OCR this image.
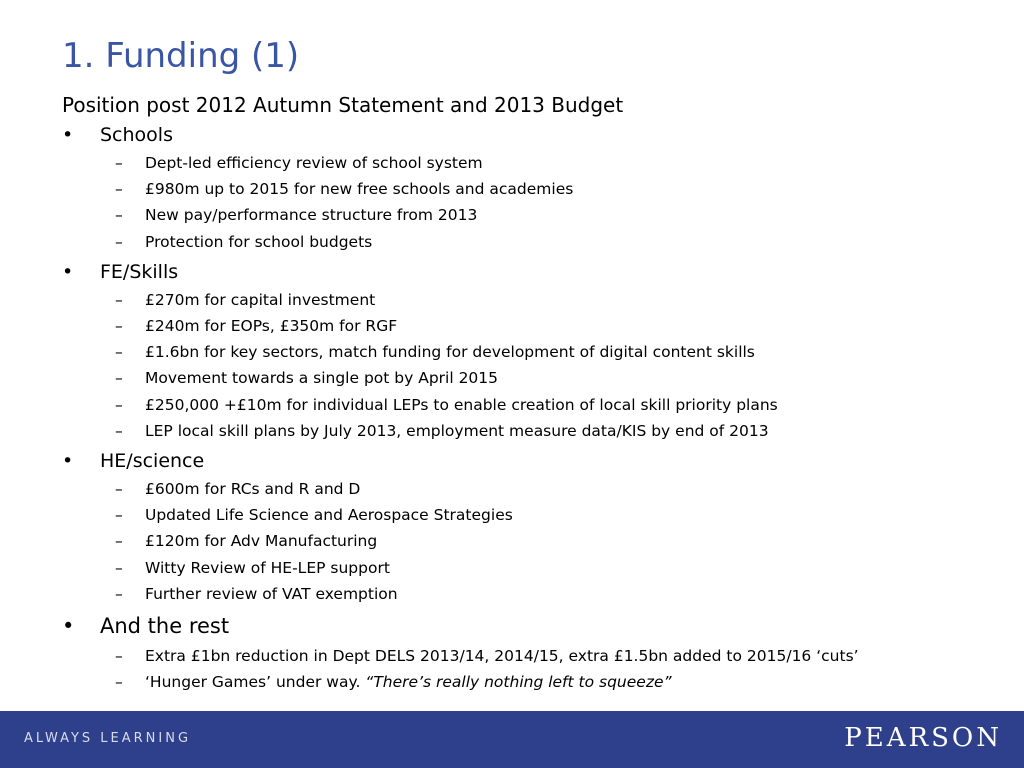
1. Funding (1)

Position post 2012 Autumn Statement and 2013 Budget

• Schools
– Dept-led efficiency review of school system
– £980m up to 2015 for new free schools and academies
– New pay/performance structure from 2013
– Protection for school budgets
• FE/Skills
– £270m for capital investment
– £240m for EOPs, £350m for RGF
– £1.6bn for key sectors, match funding for development of digital content skills
– Movement towards a single pot by April 2015
– £250,000 +£10m for individual LEPs to enable creation of local skill priority plans
– LEP local skill plans by July 2013, employment measure data/KIS by end of 2013
• HE/science
– £600m for RCs and R and D
– Updated Life Science and Aerospace Strategies
– £120m for Adv Manufacturing
– Witty Review of HE-LEP support
– Further review of VAT exemption
• And the rest
– Extra £1bn reduction in Dept DELS 2013/14, 2014/15, extra £1.5bn added to 2015/16 ‘cuts’
– ‘Hunger Games’ under way. “There’s really nothing left to squeeze”
ALWAYS LEARNING	PEARSON
